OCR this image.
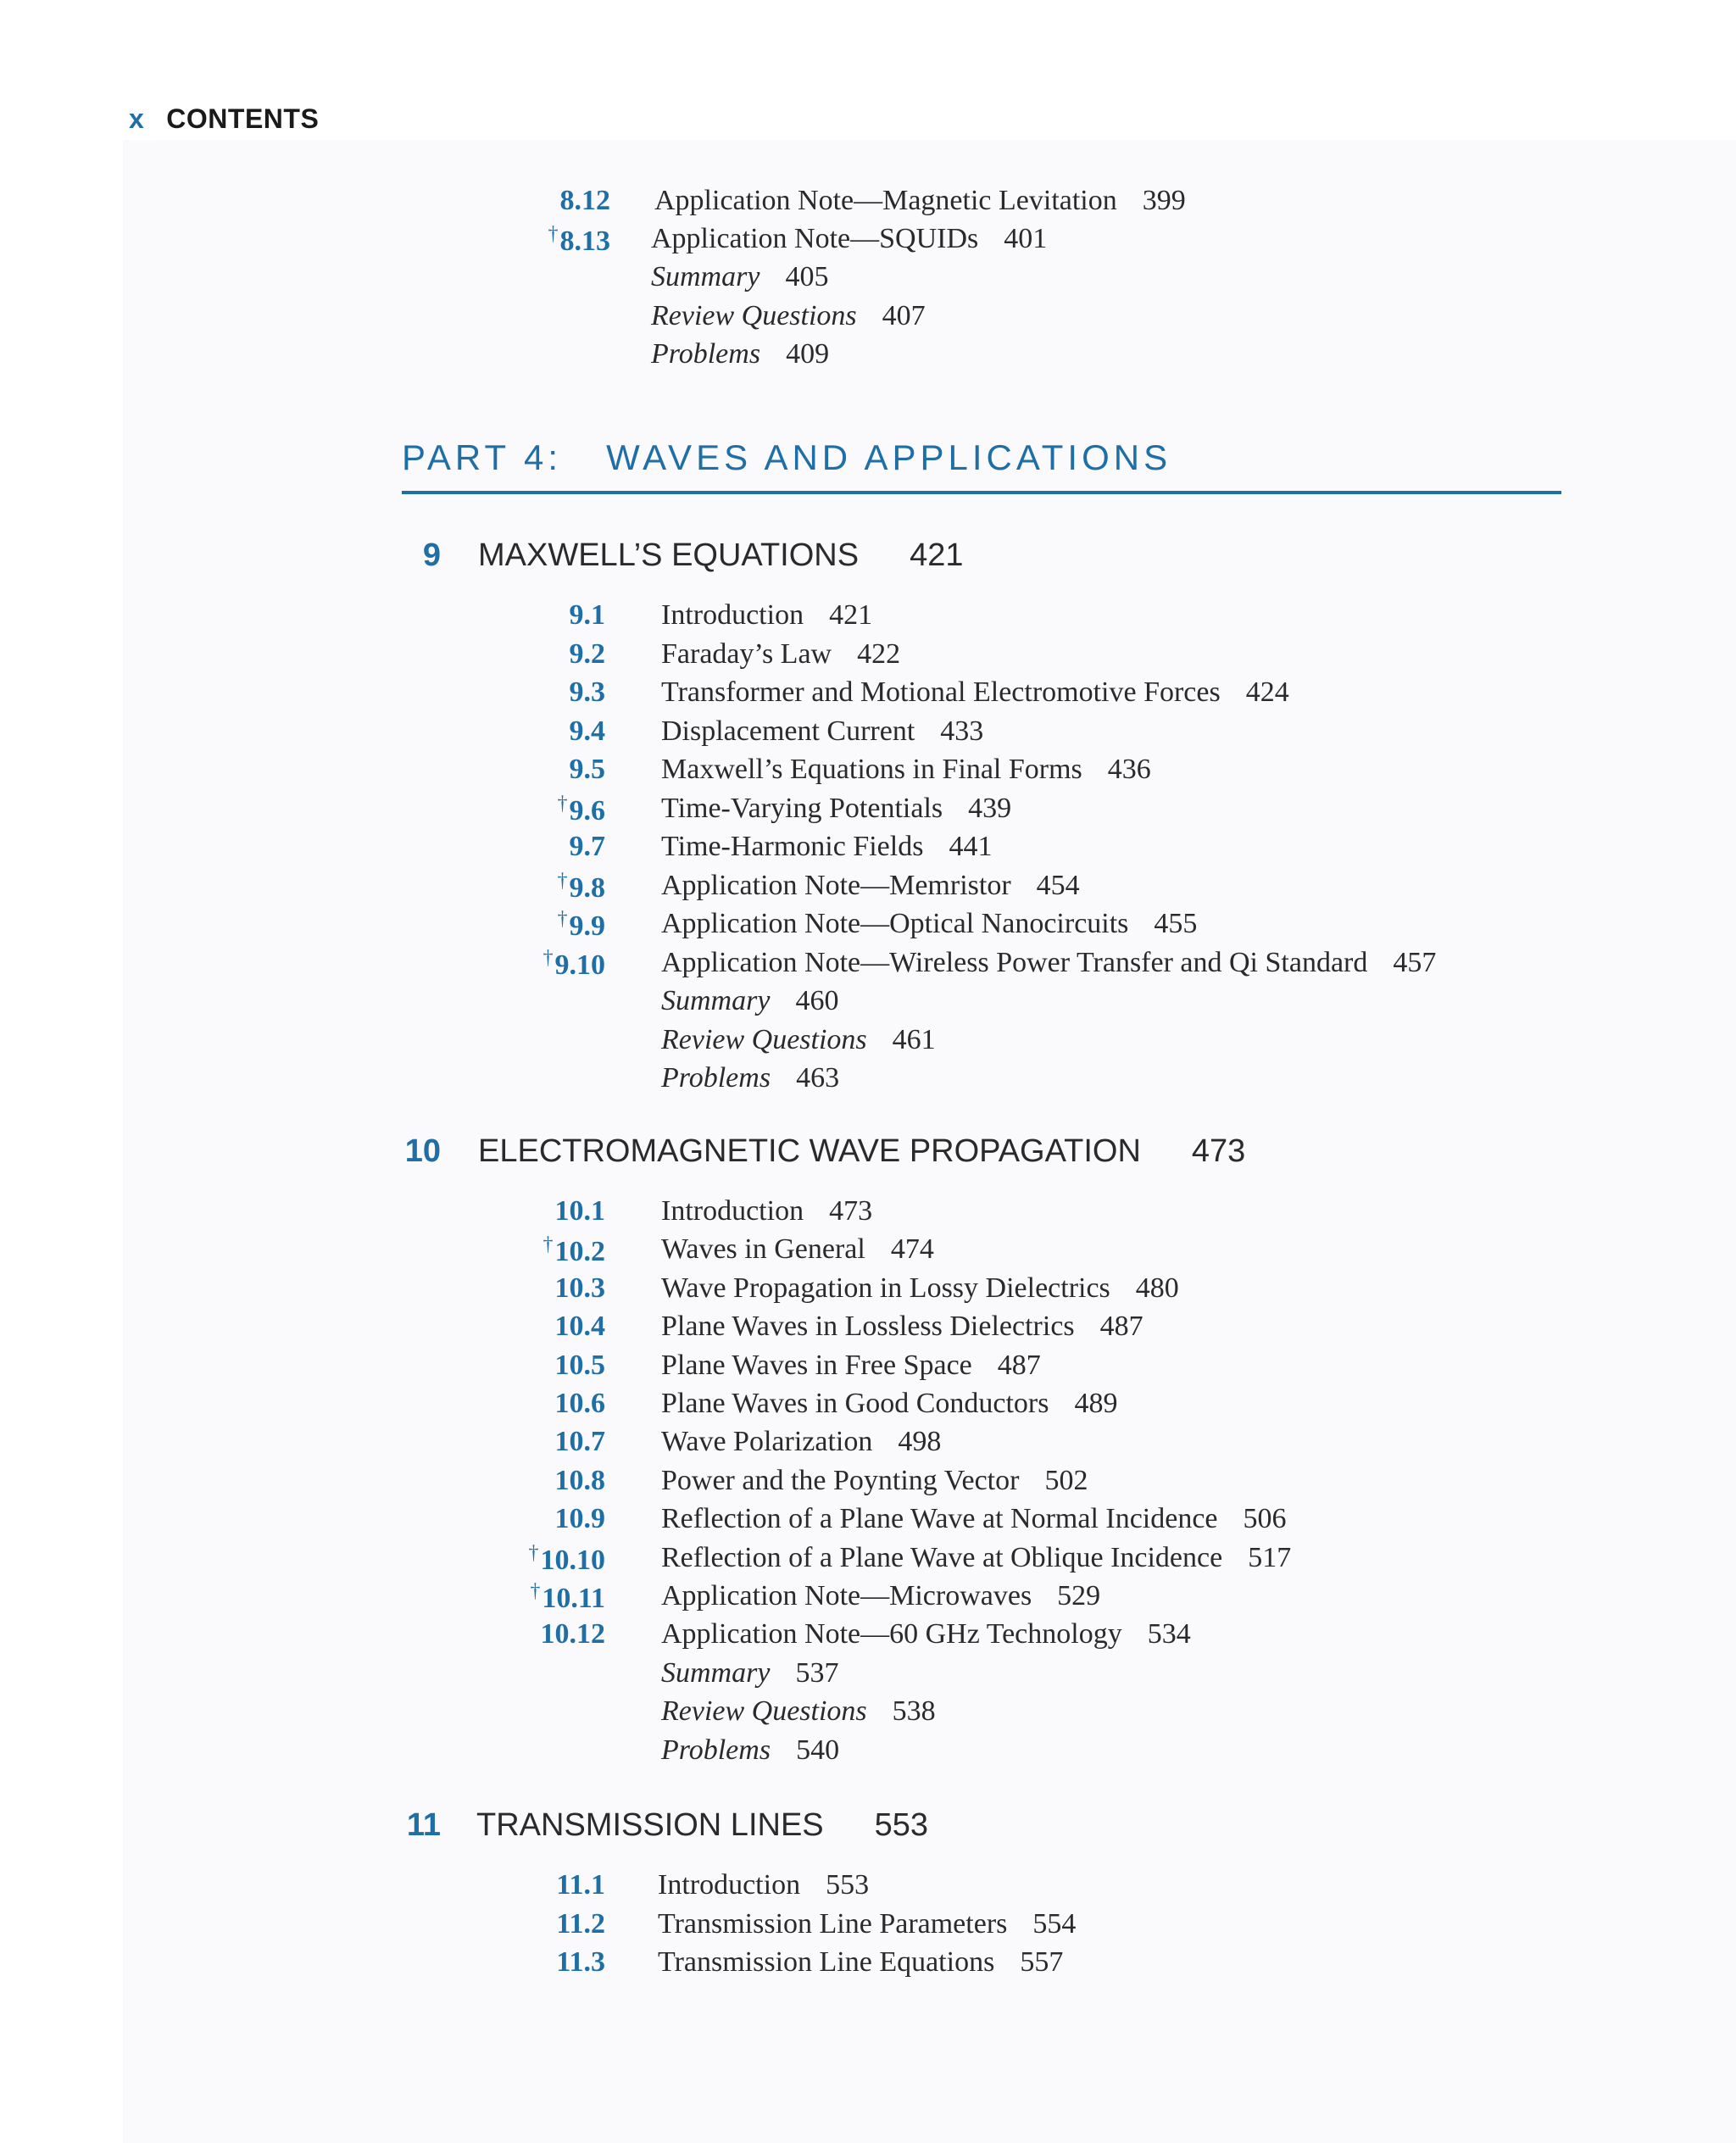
x CONTENTS
8.12 Application Note—Magnetic Levitation 399
†8.13 Application Note—SQUIDs 401
Summary 405
Review Questions 407
Problems 409
PART 4: WAVES AND APPLICATIONS
9 MAXWELL’S EQUATIONS 421
9.1 Introduction 421
9.2 Faraday’s Law 422
9.3 Transformer and Motional Electromotive Forces 424
9.4 Displacement Current 433
9.5 Maxwell’s Equations in Final Forms 436
†9.6 Time-Varying Potentials 439
9.7 Time-Harmonic Fields 441
†9.8 Application Note—Memristor 454
†9.9 Application Note—Optical Nanocircuits 455
†9.10 Application Note—Wireless Power Transfer and Qi Standard 457
Summary 460
Review Questions 461
Problems 463
10 ELECTROMAGNETIC WAVE PROPAGATION 473
10.1 Introduction 473
†10.2 Waves in General 474
10.3 Wave Propagation in Lossy Dielectrics 480
10.4 Plane Waves in Lossless Dielectrics 487
10.5 Plane Waves in Free Space 487
10.6 Plane Waves in Good Conductors 489
10.7 Wave Polarization 498
10.8 Power and the Poynting Vector 502
10.9 Reflection of a Plane Wave at Normal Incidence 506
†10.10 Reflection of a Plane Wave at Oblique Incidence 517
†10.11 Application Note—Microwaves 529
10.12 Application Note—60 GHz Technology 534
Summary 537
Review Questions 538
Problems 540
11 TRANSMISSION LINES 553
11.1 Introduction 553
11.2 Transmission Line Parameters 554
11.3 Transmission Line Equations 557
